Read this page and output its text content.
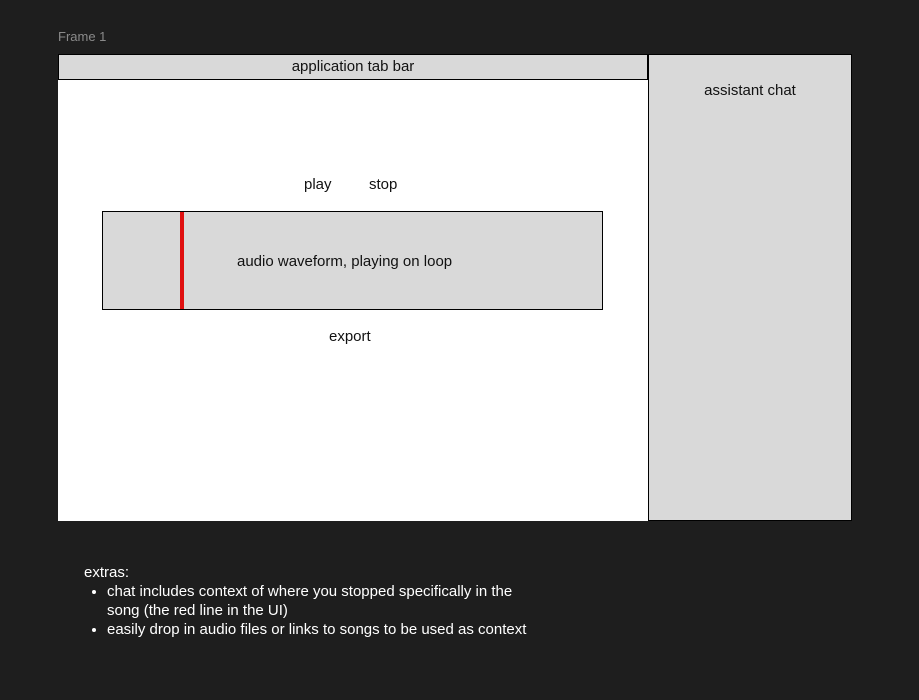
Frame 1
application tab bar
play stop
audio waveform, playing on loop
export
assistant chat
extras:
• chat includes context of where you stopped specifically in the song (the red line in the UI)
• easily drop in audio files or links to songs to be used as context
